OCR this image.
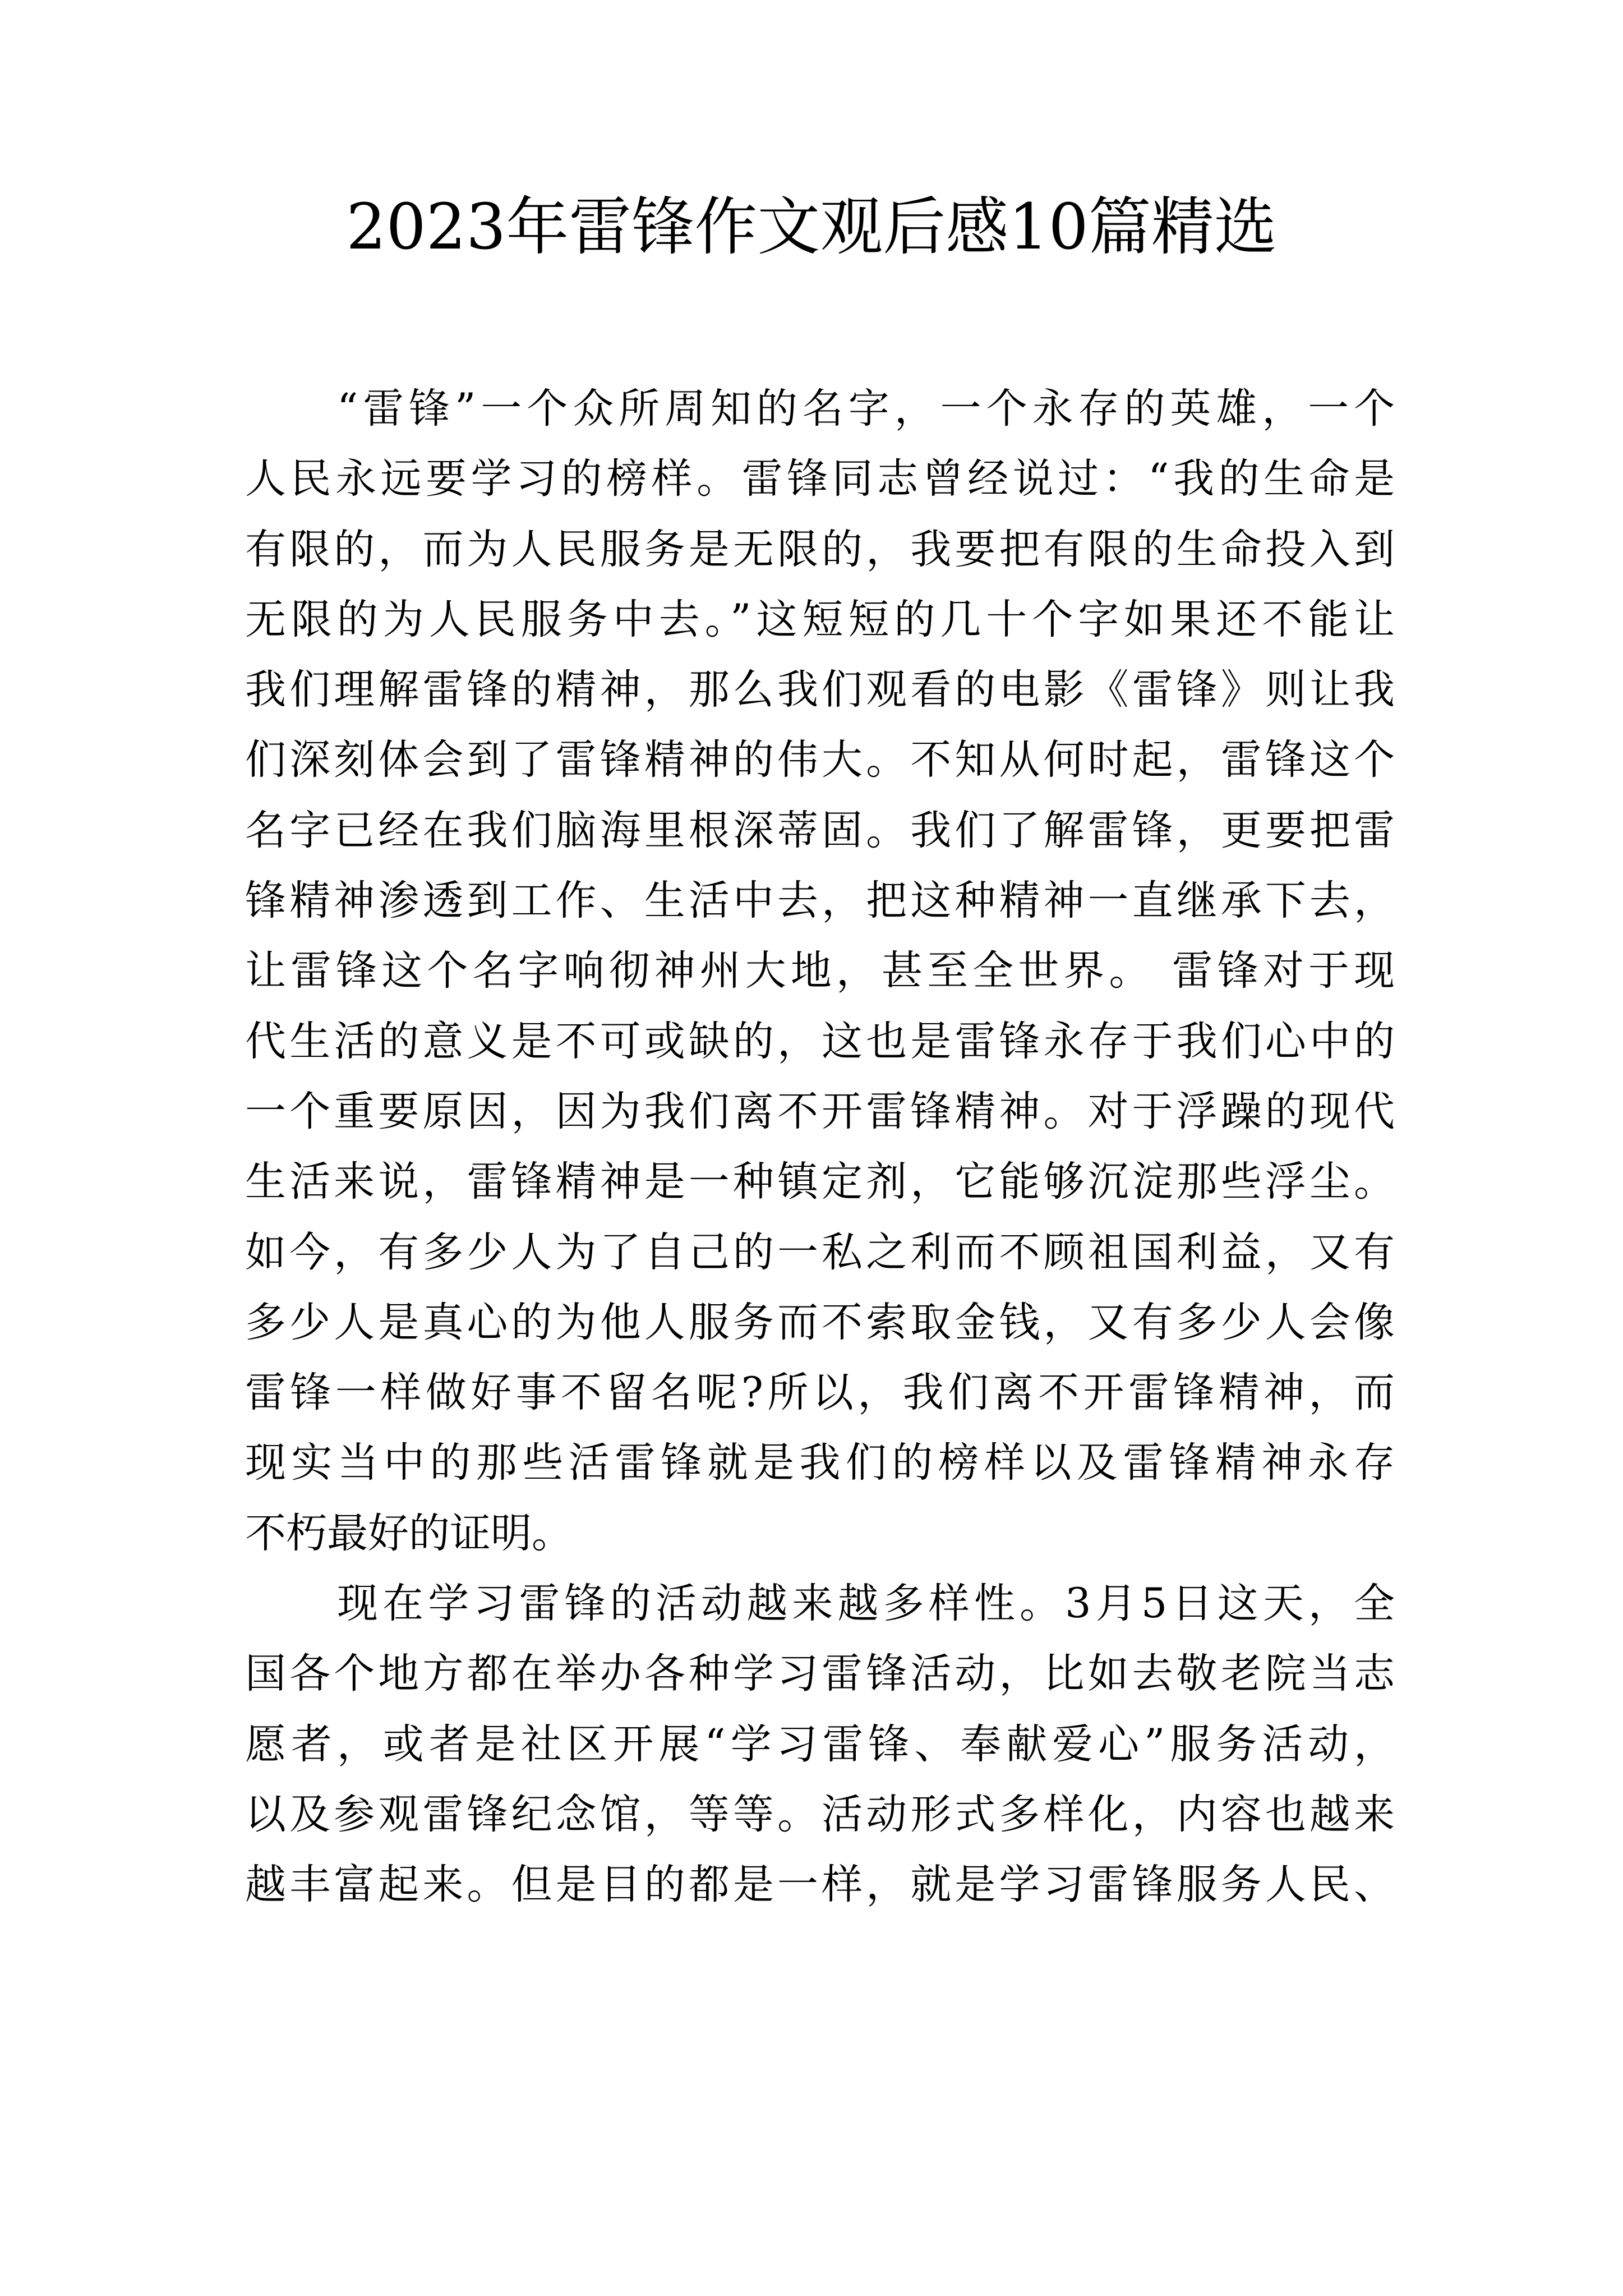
2023年雷锋作文观后感10篇精选
“雷锋”一个众所周知的名字，一个永存的英雄，一个
人民永远要学习的榜样。雷锋同志曾经说过：“我的生命是
有限的，而为人民服务是无限的，我要把有限的生命投入到
无限的为人民服务中去。”这短短的几十个字如果还不能让
我们理解雷锋的精神，那么我们观看的电影《雷锋》则让我
们深刻体会到了雷锋精神的伟大。不知从何时起，雷锋这个
名字已经在我们脑海里根深蒂固。我们了解雷锋，更要把雷
锋精神渗透到工作、生活中去，把这种精神一直继承下去，
让雷锋这个名字响彻神州大地，甚至全世界。 雷锋对于现
代生活的意义是不可或缺的，这也是雷锋永存于我们心中的
一个重要原因，因为我们离不开雷锋精神。对于浮躁的现代
生活来说，雷锋精神是一种镇定剂，它能够沉淀那些浮尘。
如今，有多少人为了自己的一私之利而不顾祖国利益，又有
多少人是真心的为他人服务而不索取金钱，又有多少人会像
雷锋一样做好事不留名呢?所以，我们离不开雷锋精神，而
现实当中的那些活雷锋就是我们的榜样以及雷锋精神永存
不朽最好的证明。
现在学习雷锋的活动越来越多样性。3月5日这天，全
国各个地方都在举办各种学习雷锋活动，比如去敬老院当志
愿者，或者是社区开展“学习雷锋、奉献爱心”服务活动，
以及参观雷锋纪念馆，等等。活动形式多样化，内容也越来
越丰富起来。但是目的都是一样，就是学习雷锋服务人民、
